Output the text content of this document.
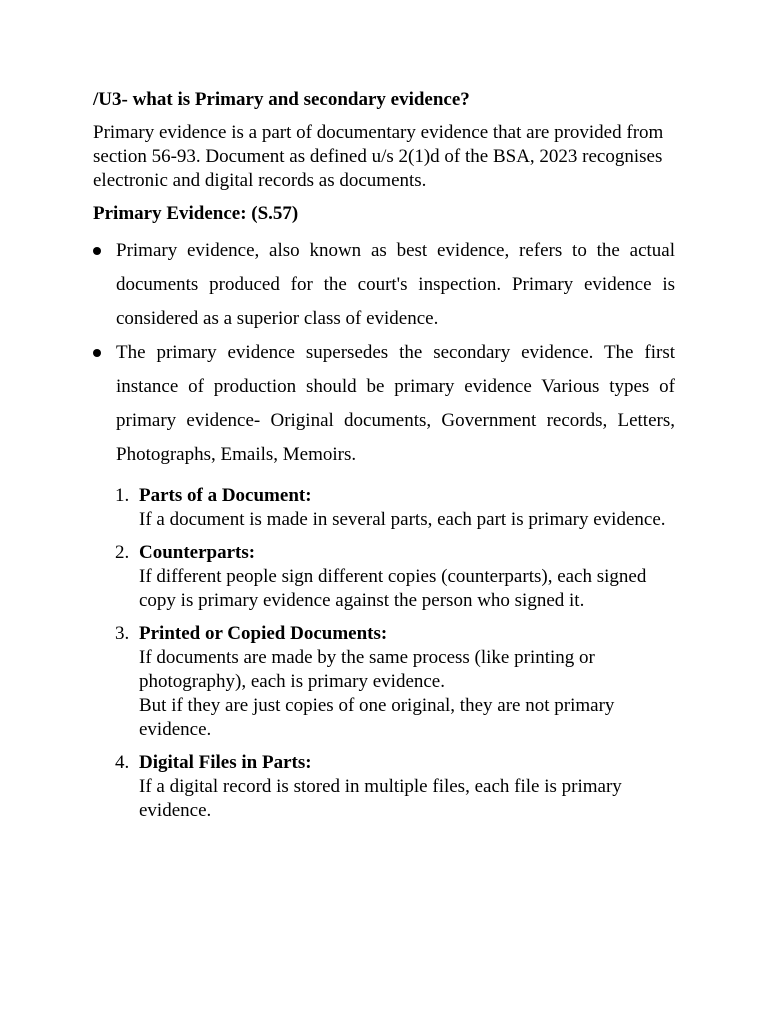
/U3- what is Primary and secondary evidence?

Primary evidence is a part of documentary evidence that are provided from section 56-93. Document as defined u/s 2(1)d of the BSA, 2023 recognises electronic and digital records as documents.

Primary Evidence: (S.57)

Primary evidence, also known as best evidence, refers to the actual documents produced for the court's inspection. Primary evidence is considered as a superior class of evidence.
The primary evidence supersedes the secondary evidence. The first instance of production should be primary evidence Various types of primary evidence- Original documents, Government records, Letters, Photographs, Emails, Memoirs.
1. Parts of a Document:
If a document is made in several parts, each part is primary evidence.
2. Counterparts:
If different people sign different copies (counterparts), each signed copy is primary evidence against the person who signed it.
3. Printed or Copied Documents:
If documents are made by the same process (like printing or photography), each is primary evidence.
But if they are just copies of one original, they are not primary evidence.
4. Digital Files in Parts:
If a digital record is stored in multiple files, each file is primary evidence.
